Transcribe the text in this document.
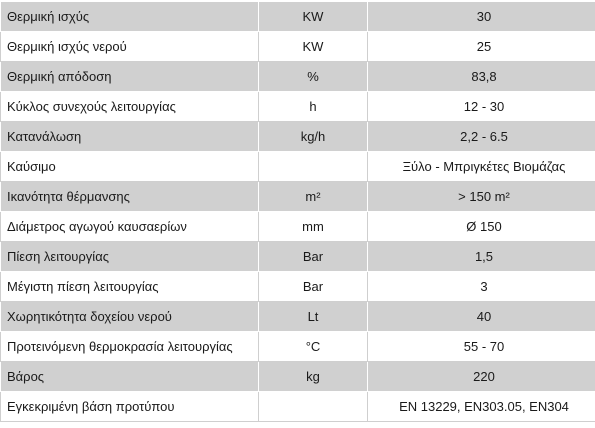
Θερμική ισχύς	KW	30
Θερμική ισχύς νερού	KW	25
Θερμική απόδοση	%	83,8
Κύκλος συνεχούς λειτουργίας	h	12 - 30
Κατανάλωση	kg/h	2,2 - 6.5
Καύσιμο		Ξύλο - Μπριγκέτες Βιομάζας
Ικανότητα θέρμανσης	m²	> 150 m²
Διάμετρος αγωγού καυσαερίων	mm	Ø 150
Πίεση λειτουργίας	Bar	1,5
Μέγιστη πίεση λειτουργίας	Bar	3
Χωρητικότητα δοχείου νερού	Lt	40
Προτεινόμενη θερμοκρασία λειτουργίας	°C	55 - 70
Βάρος	kg	220
Εγκεκριμένη βάση προτύπου		EN 13229, EN303.05, EN304
